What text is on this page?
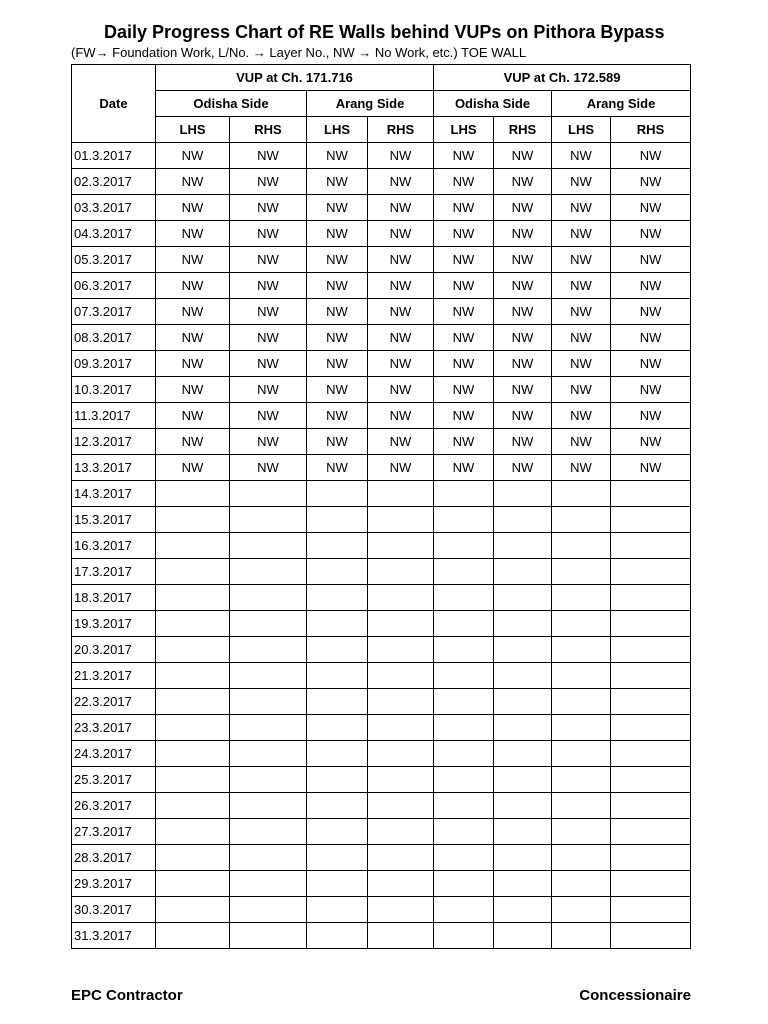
Daily Progress Chart of RE Walls behind VUPs on Pithora Bypass
(FW→ Foundation Work, L/No. → Layer No., NW → No Work, etc.) TOE WALL
Date	VUP at Ch. 171.716				VUP at Ch. 172.589			
	Odisha Side		Arang Side		Odisha Side		Arang Side	
	LHS	RHS	LHS	RHS	LHS	RHS	LHS	RHS
01.3.2017	NW	NW	NW	NW	NW	NW	NW	NW
02.3.2017	NW	NW	NW	NW	NW	NW	NW	NW
03.3.2017	NW	NW	NW	NW	NW	NW	NW	NW
04.3.2017	NW	NW	NW	NW	NW	NW	NW	NW
05.3.2017	NW	NW	NW	NW	NW	NW	NW	NW
06.3.2017	NW	NW	NW	NW	NW	NW	NW	NW
07.3.2017	NW	NW	NW	NW	NW	NW	NW	NW
08.3.2017	NW	NW	NW	NW	NW	NW	NW	NW
09.3.2017	NW	NW	NW	NW	NW	NW	NW	NW
10.3.2017	NW	NW	NW	NW	NW	NW	NW	NW
11.3.2017	NW	NW	NW	NW	NW	NW	NW	NW
12.3.2017	NW	NW	NW	NW	NW	NW	NW	NW
13.3.2017	NW	NW	NW	NW	NW	NW	NW	NW
14.3.2017								
15.3.2017								
16.3.2017								
17.3.2017								
18.3.2017								
19.3.2017								
20.3.2017								
21.3.2017								
22.3.2017								
23.3.2017								
24.3.2017								
25.3.2017								
26.3.2017								
27.3.2017								
28.3.2017								
29.3.2017								
30.3.2017								
31.3.2017								
EPC Contractor	Concessionaire
